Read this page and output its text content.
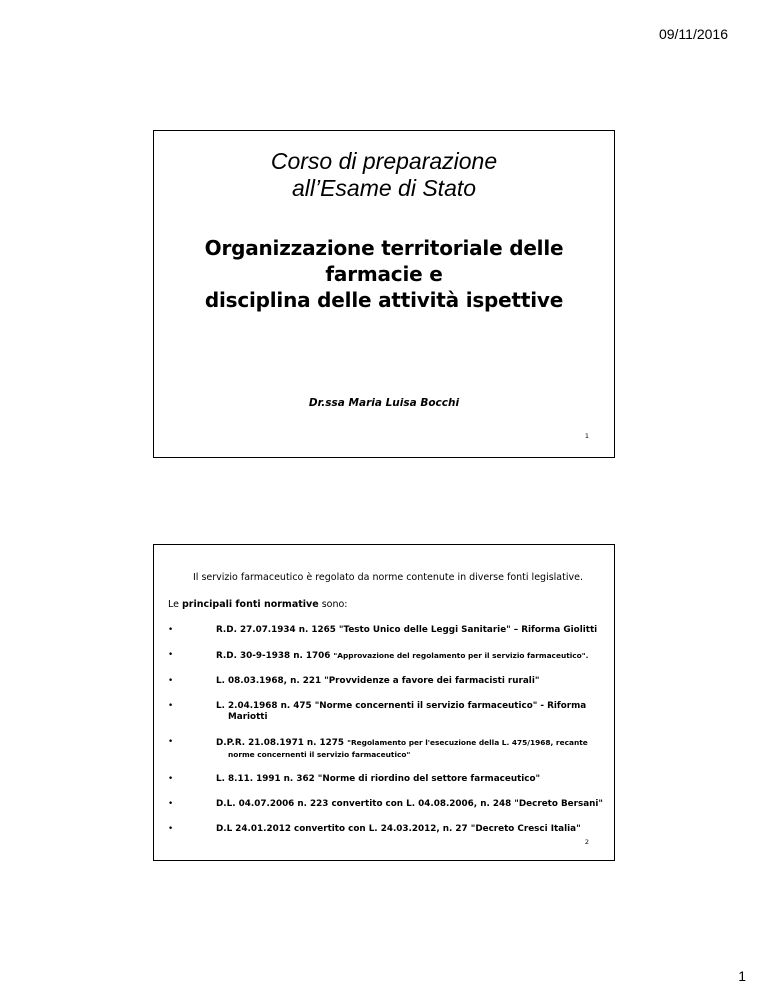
09/11/2016
Corso di preparazione
all’Esame di Stato
Organizzazione territoriale delle
farmacie e
disciplina delle attività ispettive
Dr.ssa Maria Luisa Bocchi
1
Il servizio farmaceutico è regolato da norme contenute in diverse fonti legislative.
Le principali fonti normative sono:
•	R.D. 27.07.1934 n. 1265 "Testo Unico delle Leggi Sanitarie" – Riforma Giolitti
•	R.D. 30-9-1938 n. 1706 "Approvazione del regolamento per il servizio farmaceutico".
•	L. 08.03.1968, n. 221 "Provvidenze a favore dei farmacisti rurali"
•	L. 2.04.1968 n. 475 "Norme concernenti il servizio farmaceutico" - Riforma
Mariotti
•	D.P.R. 21.08.1971 n. 1275 "Regolamento per l'esecuzione della L. 475/1968, recante
norme concernenti il servizio farmaceutico"
•	L. 8.11. 1991 n. 362 "Norme di riordino del settore farmaceutico"
•	D.L. 04.07.2006 n. 223 convertito con L. 04.08.2006, n. 248 "Decreto Bersani"
•	D.L 24.01.2012 convertito con L. 24.03.2012, n. 27 "Decreto Cresci Italia"
2
1
